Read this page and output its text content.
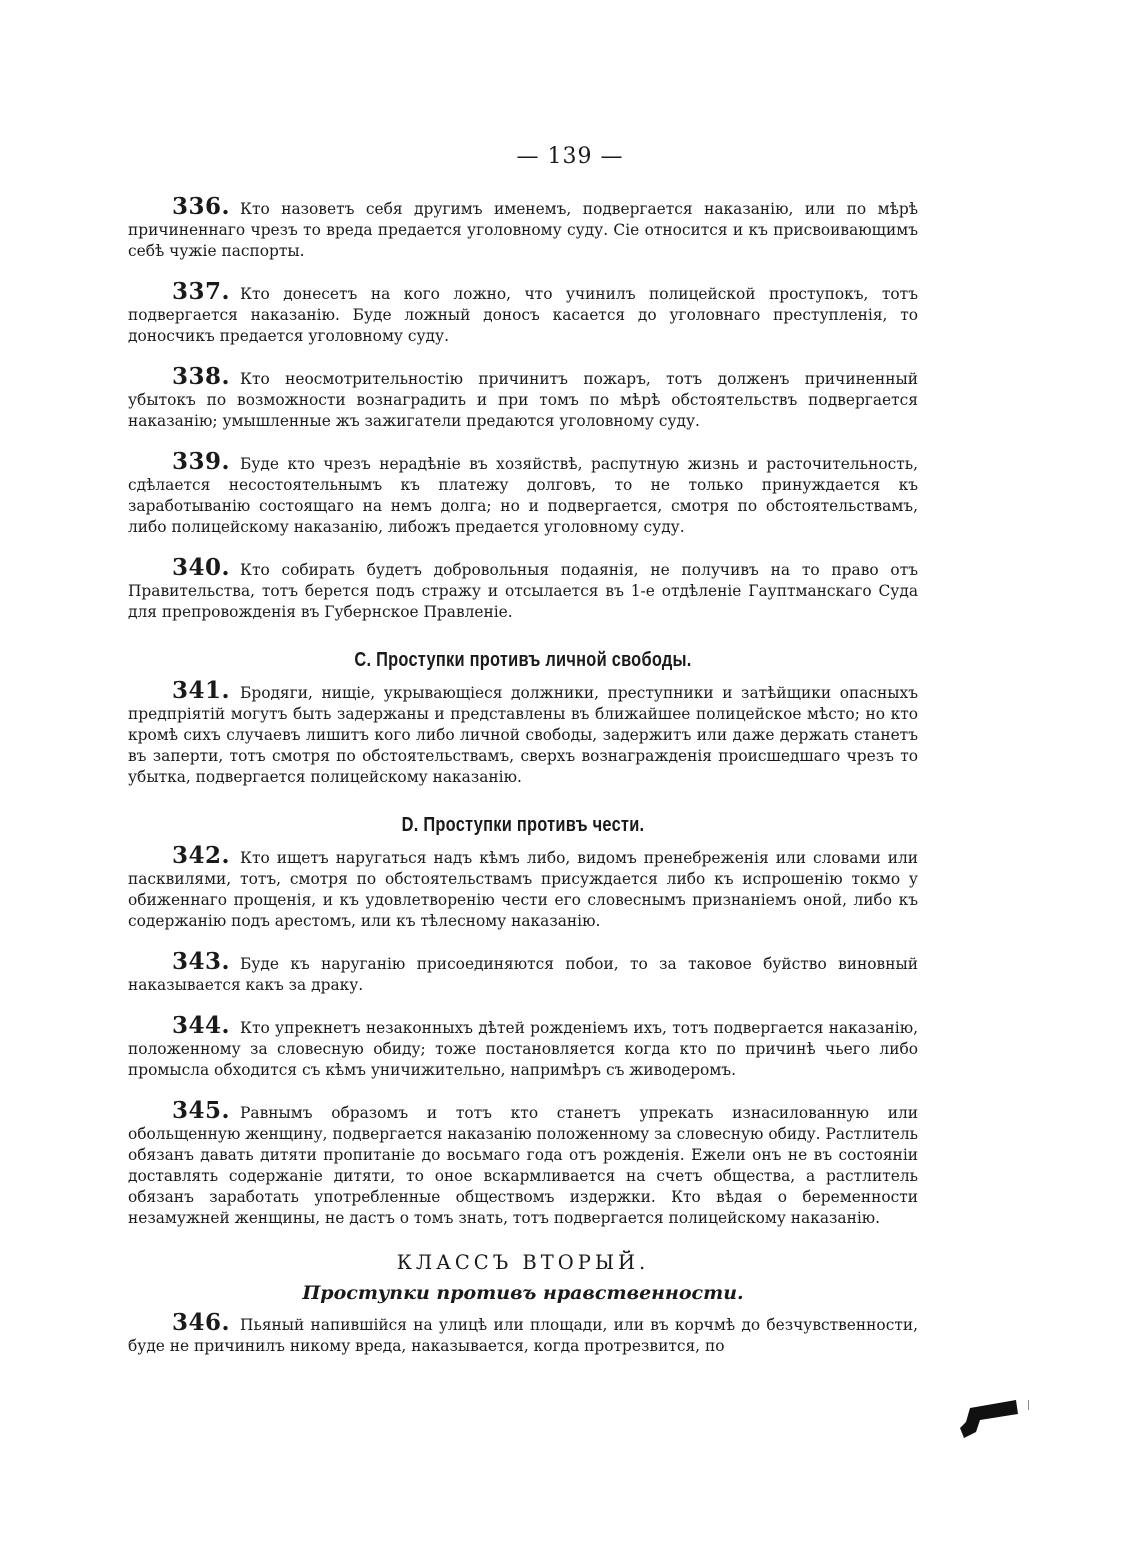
— 139 —

336. Кто назоветъ себя другимъ именемъ, подвергается наказанію, или по мѣрѣ причиненнаго чрезъ то вреда предается уголовному суду. Сіе относится и къ присвоивающимъ себѣ чужіе паспорты.

337. Кто донесетъ на кого ложно, что учинилъ полицейской проступокъ, тотъ подвергается наказанію. Буде ложный доносъ касается до уголовнаго преступленія, то доносчикъ предается уголовному суду.

338. Кто неосмотрительностію причинитъ пожаръ, тотъ долженъ причиненный убытокъ по возможности вознаградить и при томъ по мѣрѣ обстоятельствъ подвергается наказанію; умышленные жъ зажигатели предаются уголовному суду.

339. Буде кто чрезъ нерадѣніе въ хозяйствѣ, распутную жизнь и расточительность, сдѣлается несостоятельнымъ къ платежу долговъ, то не только принуждается къ заработыванію состоящаго на немъ долга; но и подвергается, смотря по обстоятельствамъ, либо полицейскому наказанію, либожъ предается уголовному суду.

340. Кто собирать будетъ добровольныя подаянія, не получивъ на то право отъ Правительства, тотъ берется подъ стражу и отсылается въ 1-е отдѣленіе Гауптманскаго Суда для препровожденія въ Губернское Правленіе.

C. Проступки противъ личной свободы.

341. Бродяги, нищіе, укрывающіеся должники, преступники и затѣйщики опасныхъ предпріятій могутъ быть задержаны и представлены въ ближайшее полицейское мѣсто; но кто кромѣ сихъ случаевъ лишитъ кого либо личной свободы, задержитъ или даже держать станетъ въ заперти, тотъ смотря по обстоятельствамъ, сверхъ вознагражденія происшедшаго чрезъ то убытка, подвергается полицейскому наказанію.

D. Проступки противъ чести.

342. Кто ищетъ наругаться надъ кѣмъ либо, видомъ пренебреженія или словами или пасквилями, тотъ, смотря по обстоятельствамъ присуждается либо къ испрошенію токмо у обиженнаго прощенія, и къ удовлетворенію чести его словеснымъ признаніемъ оной, либо къ содержанію подъ арестомъ, или къ тѣлесному наказанію.

343. Буде къ наруганію присоединяются побои, то за таковое буйство виновный наказывается какъ за драку.

344. Кто упрекнетъ незаконныхъ дѣтей рожденіемъ ихъ, тотъ подвергается наказанію, положенному за словесную обиду; тоже постановляется когда кто по причинѣ чьего либо промысла обходится съ кѣмъ уничижительно, напримѣръ съ живодеромъ.

345. Равнымъ образомъ и тотъ кто станетъ упрекать изнасилованную или обольщенную женщину, подвергается наказанію положенному за словесную обиду. Растлитель обязанъ давать дитяти пропитаніе до восьмаго года отъ рожденія. Ежели онъ не въ состояніи доставлять содержаніе дитяти, то оное вскармливается на счетъ общества, а растлитель обязанъ заработать употребленные обществомъ издержки. Кто вѣдая о беременности незамужней женщины, не дастъ о томъ знать, тотъ подвергается полицейскому наказанію.

КЛАССЪ ВТОРЫЙ.
Проступки противъ нравственности.

346. Пьяный напившійся на улицѣ или площади, или въ корчмѣ до безчувственности, буде не причинилъ никому вреда, наказывается, когда протрезвится, по
